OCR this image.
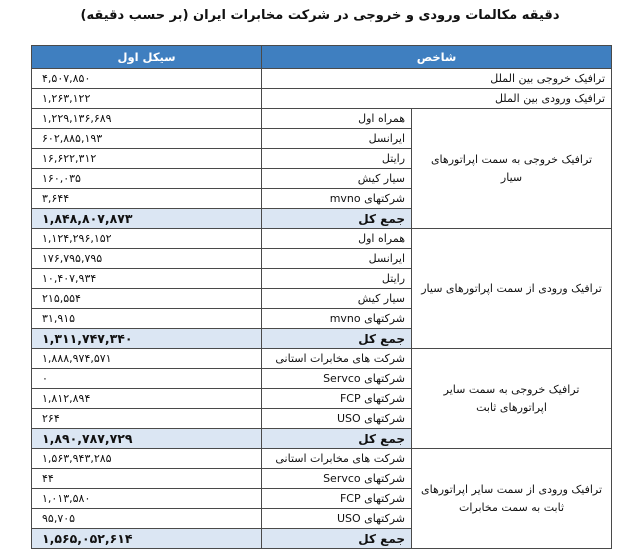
دقیقه مکالمات ورودی و خروجی در شرکت مخابرات ایران (بر حسب دقیقه)
شاخص		سیکل اول
ترافیک خروجی بین الملل		۴,۵۰۷,۸۵۰
ترافیک ورودی بین الملل		۱,۲۶۳,۱۲۲
ترافیک خروجی به سمت اپراتورهای سیار	همراه اول	۱,۲۲۹,۱۳۶,۶۸۹
	ایرانسل	۶۰۲,۸۸۵,۱۹۳
	رایتل	۱۶,۶۲۲,۳۱۲
	سیار کیش	۱۶۰,۰۳۵
	شرکتهای mvno	۳,۶۴۴
	جمع کل	۱,۸۴۸,۸۰۷,۸۷۳
ترافیک ورودی از سمت اپراتورهای سیار	همراه اول	۱,۱۲۴,۲۹۶,۱۵۲
	ایرانسل	۱۷۶,۷۹۵,۷۹۵
	رایتل	۱۰,۴۰۷,۹۳۴
	سیار کیش	۲۱۵,۵۵۴
	شرکتهای mvno	۳۱,۹۱۵
	جمع کل	۱,۳۱۱,۷۴۷,۳۴۰
ترافیک خروجی به سمت سایر اپراتورهای ثابت	شرکت های مخابرات استانی	۱,۸۸۸,۹۷۴,۵۷۱
	شرکتهای Servco	۰
	شرکتهای FCP	۱,۸۱۲,۸۹۴
	شرکتهای USO	۲۶۴
	جمع کل	۱,۸۹۰,۷۸۷,۷۲۹
ترافیک ورودی از سمت سایر اپراتورهای ثابت به سمت مخابرات	شرکت های مخابرات استانی	۱,۵۶۳,۹۴۳,۲۸۵
	شرکتهای Servco	۴۴
	شرکتهای FCP	۱,۰۱۳,۵۸۰
	شرکتهای USO	۹۵,۷۰۵
	جمع کل	۱,۵۶۵,۰۵۲,۶۱۴
